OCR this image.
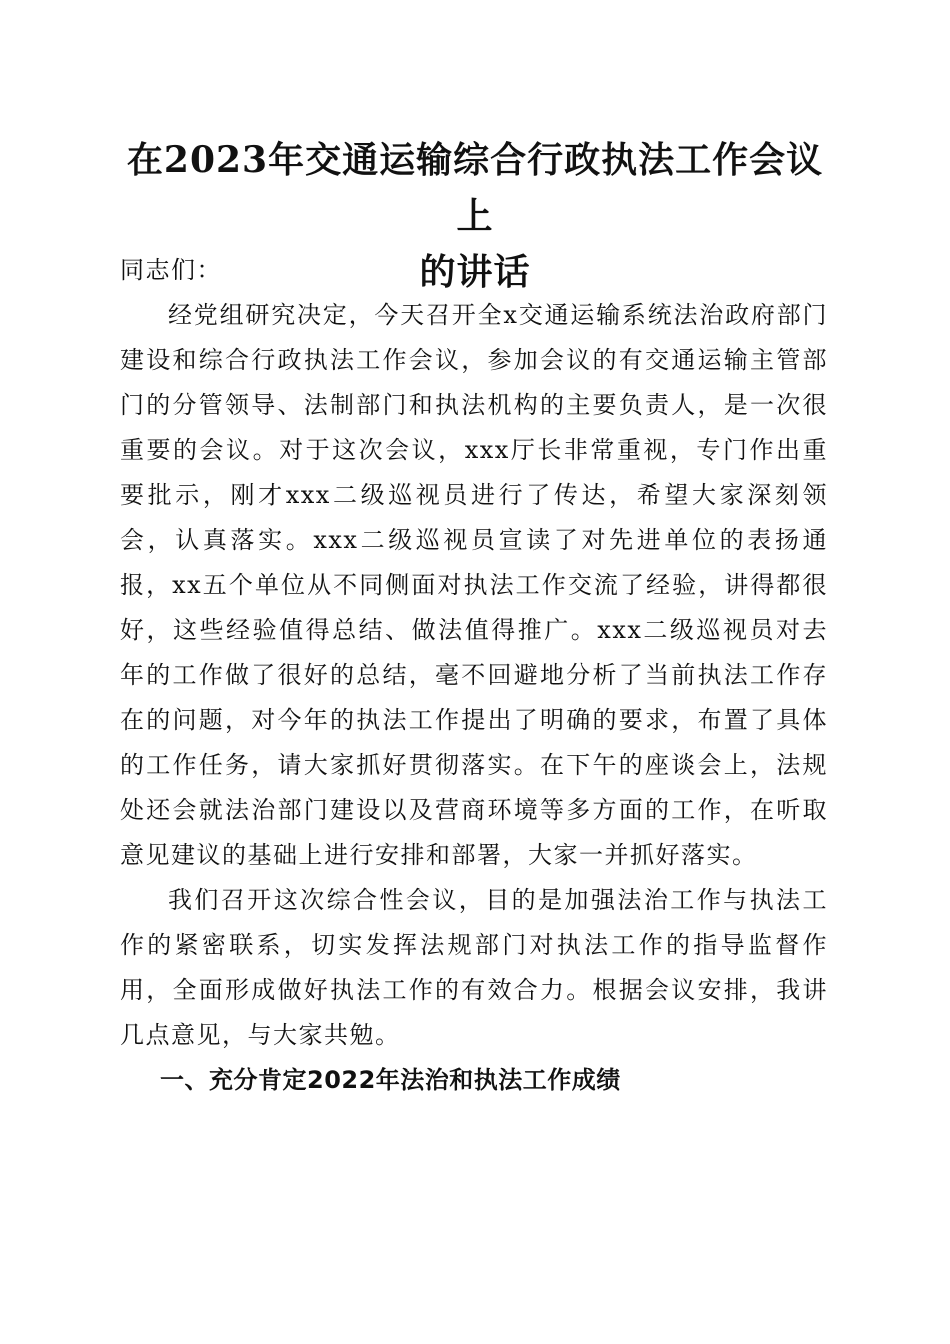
在2023年交通运输综合行政执法工作会议上
的讲话

同志们：

经党组研究决定，今天召开全x交通运输系统法治政府部门建设和综合行政执法工作会议，参加会议的有交通运输主管部门的分管领导、法制部门和执法机构的主要负责人，是一次很重要的会议。对于这次会议，xxx厅长非常重视，专门作出重要批示，刚才xxx二级巡视员进行了传达，希望大家深刻领会，认真落实。xxx二级巡视员宣读了对先进单位的表扬通报，xx五个单位从不同侧面对执法工作交流了经验，讲得都很好，这些经验值得总结、做法值得推广。xxx二级巡视员对去年的工作做了很好的总结，毫不回避地分析了当前执法工作存在的问题，对今年的执法工作提出了明确的要求，布置了具体的工作任务，请大家抓好贯彻落实。在下午的座谈会上，法规处还会就法治部门建设以及营商环境等多方面的工作，在听取意见建议的基础上进行安排和部署，大家一并抓好落实。

我们召开这次综合性会议，目的是加强法治工作与执法工作的紧密联系，切实发挥法规部门对执法工作的指导监督作用，全面形成做好执法工作的有效合力。根据会议安排，我讲几点意见，与大家共勉。

一、充分肯定2022年法治和执法工作成绩
